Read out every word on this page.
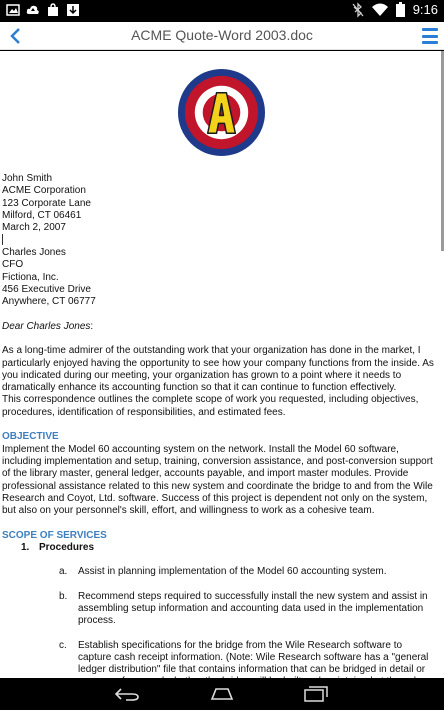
9:16
ACME Quote-Word 2003.doc

John Smith

ACME Corporation

123 Corporate Lane

Milford, CT 06461

March 2, 2007

Charles Jones

CFO

Fictiona, Inc.

456 Executive Drive

Anywhere, CT 06777

Dear Charles Jones:

As a long-time admirer of the outstanding work that your organization has done in the market, I particularly enjoyed having the opportunity to see how your company functions from the inside. As you indicated during our meeting, your organization has grown to a point where it needs to dramatically enhance its accounting function so that it can continue to function effectively.

This correspondence outlines the complete scope of work you requested, including objectives, procedures, identification of responsibilities, and estimated fees.

OBJECTIVE

Implement the Model 60 accounting system on the network. Install the Model 60 software, including implementation and setup, training, conversion assistance, and post-conversion support of the library master, general ledger, accounts payable, and import master modules. Provide professional assistance related to this new system and coordinate the bridge to and from the Wile Research and Coyot, Ltd. software. Success of this project is dependent not only on the system, but also on your personnel's skill, effort, and willingness to work as a cohesive team.

SCOPE OF SERVICES

1. Procedures

a. Assist in planning implementation of the Model 60 accounting system.
b. Recommend steps required to successfully install the new system and assist in assembling setup information and accounting data used in the implementation process.
c. Establish specifications for the bridge from the Wile Research software to capture cash receipt information. (Note: Wile Research software has a "general ledger distribution" file that contains information that can be bridged in detail or
